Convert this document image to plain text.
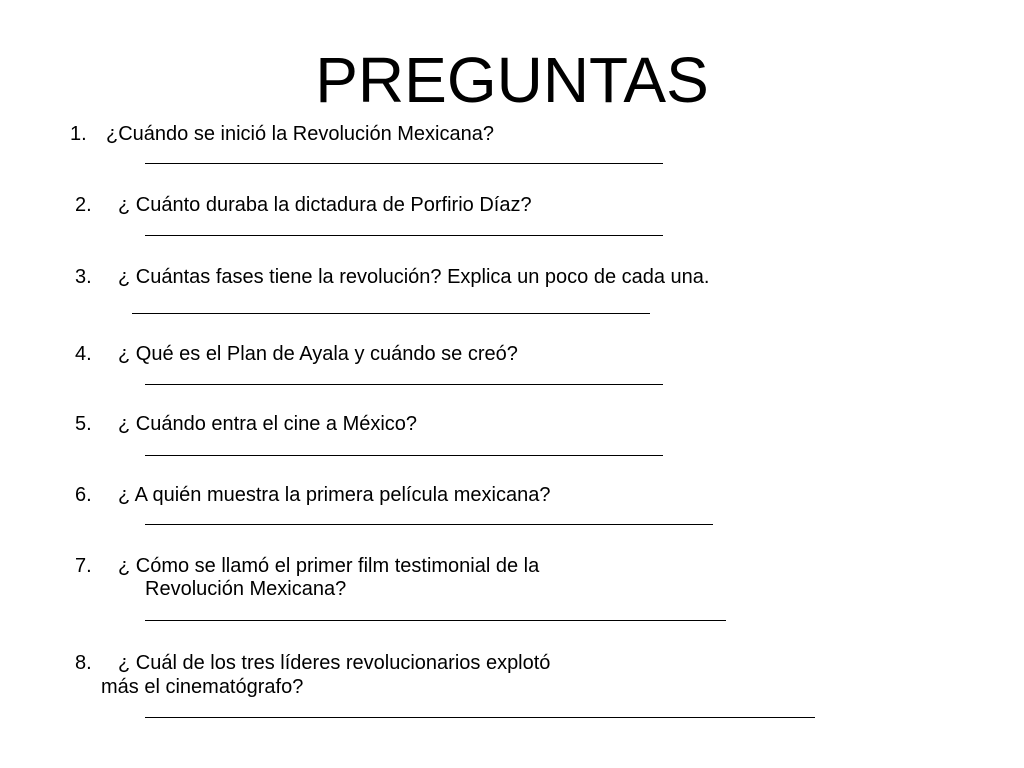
PREGUNTAS
1. ¿Cuándo se inició la Revolución Mexicana?
2. ¿ Cuánto duraba la dictadura de Porfirio Díaz?
3. ¿ Cuántas fases tiene la revolución? Explica un poco de cada una.
4. ¿ Qué es el Plan de Ayala y cuándo se creó?
5. ¿ Cuándo entra el cine a México?
6. ¿ A quién muestra la primera película mexicana?
7. ¿ Cómo se llamó el primer film testimonial de la
Revolución Mexicana?
8. ¿ Cuál de los tres líderes revolucionarios explotó
más el cinematógrafo?
